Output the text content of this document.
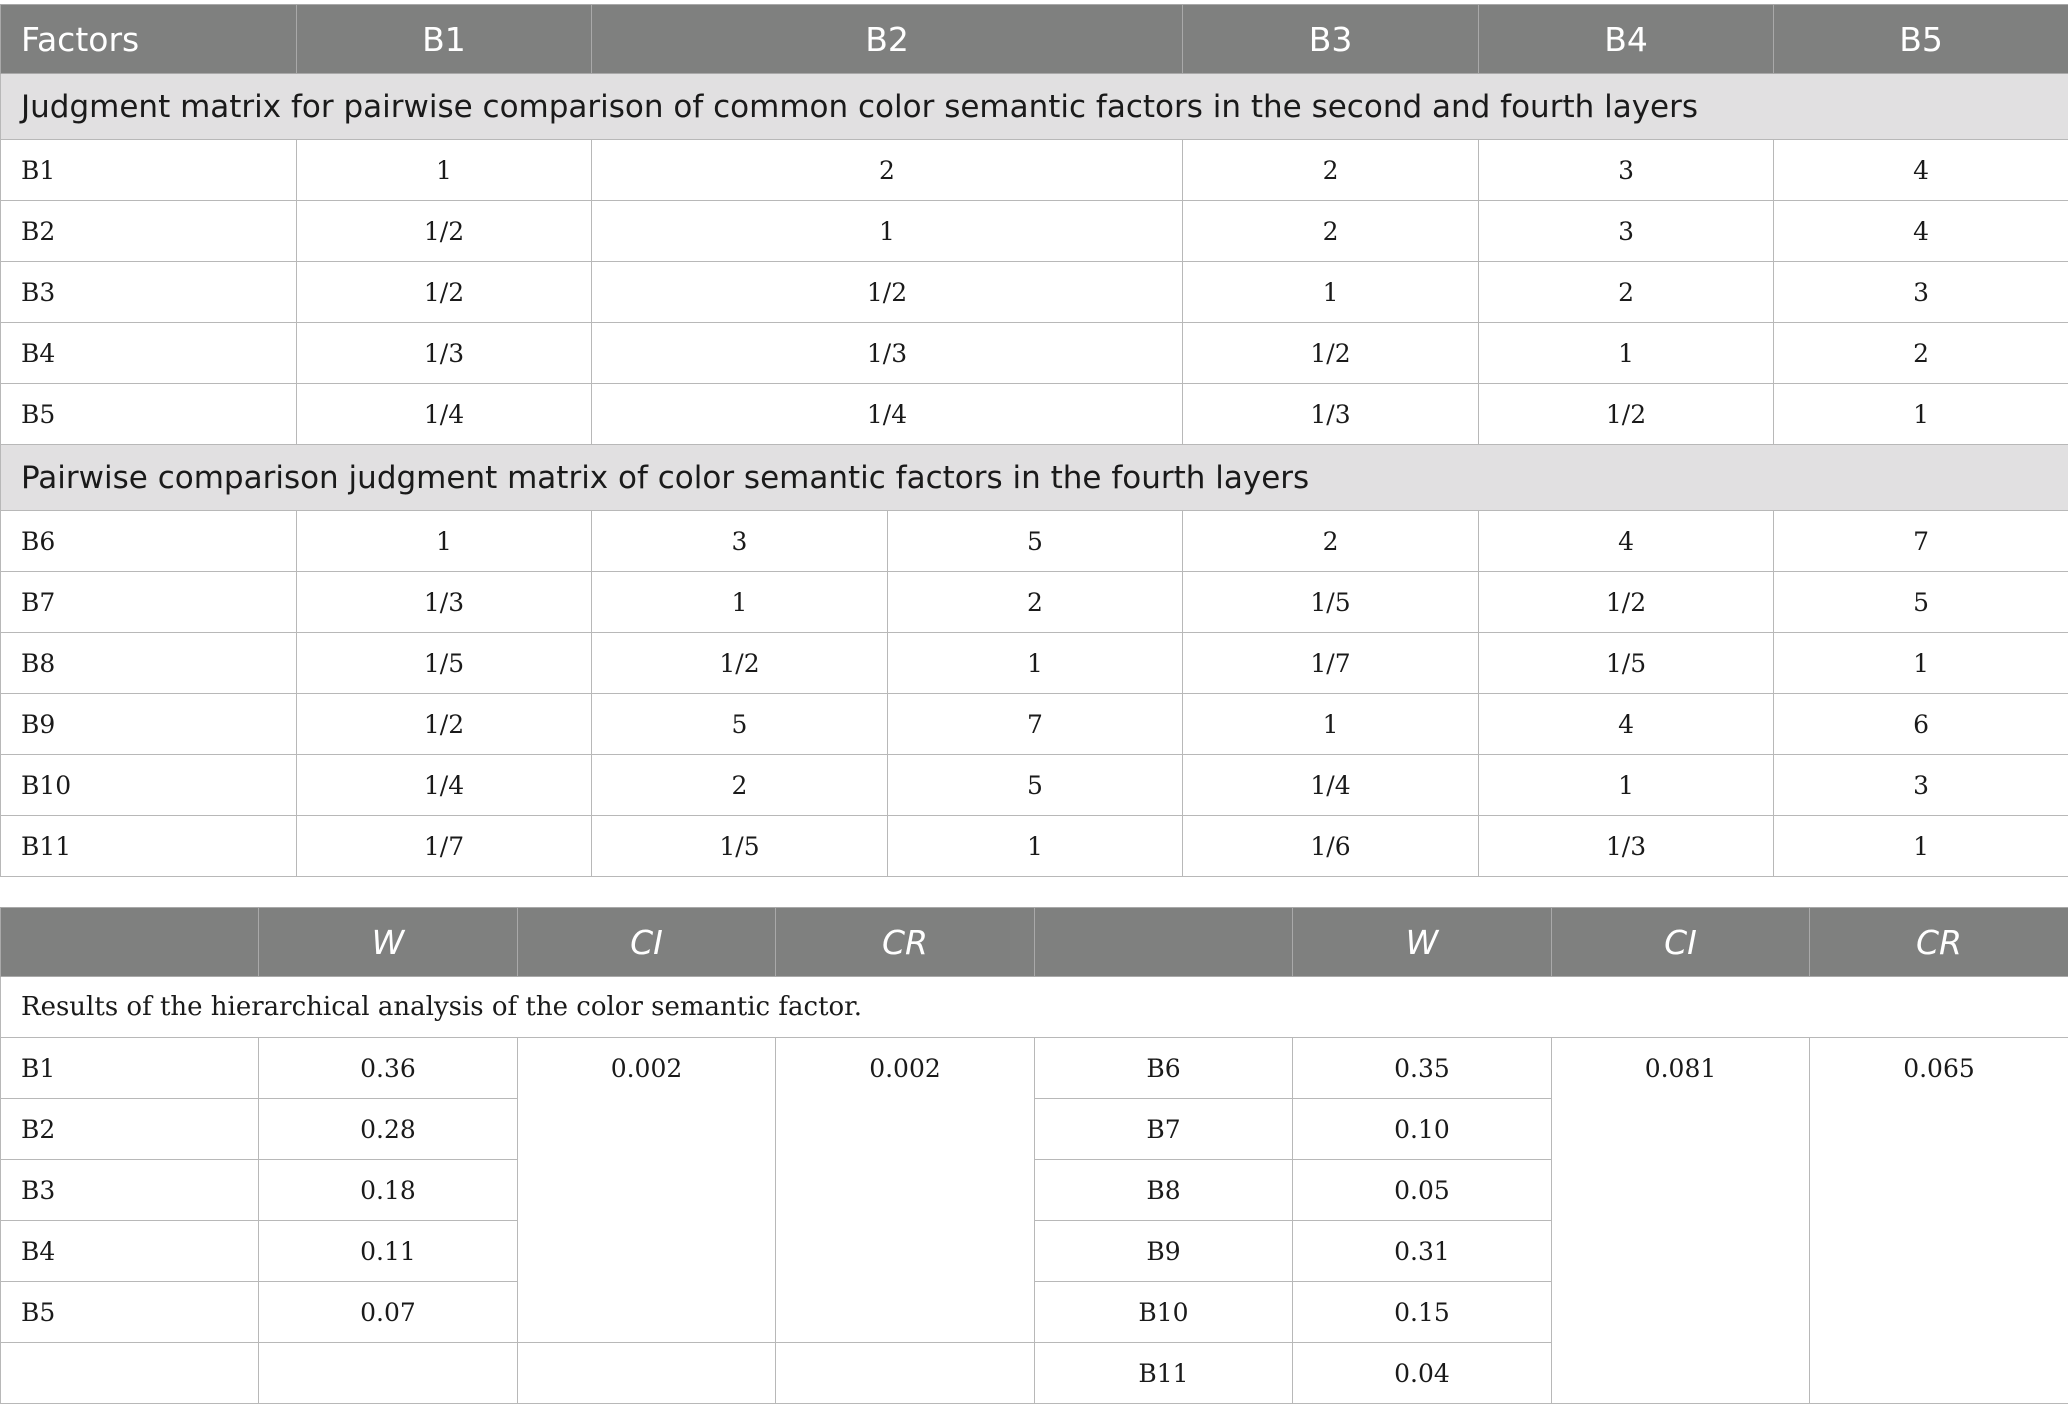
Factors	B1	B2		B3	B4	B5
Judgment matrix for pairwise comparison of common color semantic factors in the second and fourth layers						
B1	1	2		2	3	4
B2	1/2	1		2	3	4
B3	1/2	1/2		1	2	3
B4	1/3	1/3		1/2	1	2
B5	1/4	1/4		1/3	1/2	1
Pairwise comparison judgment matrix of color semantic factors in the fourth layers						
B6	1	3	5	2	4	7
B7	1/3	1	2	1/5	1/2	5
B8	1/5	1/2	1	1/7	1/5	1
B9	1/2	5	7	1	4	6
B10	1/4	2	5	1/4	1	3
B11	1/7	1/5	1	1/6	1/3	1
	W	CI	CR		W	CI	CR
Results of the hierarchical analysis of the color semantic factor.							
B1	0.36	0.002	0.002	B6	0.35	0.081	0.065
B2	0.28			B7	0.10		
B3	0.18			B8	0.05		
B4	0.11			B9	0.31		
B5	0.07			B10	0.15		
				B11	0.04		
